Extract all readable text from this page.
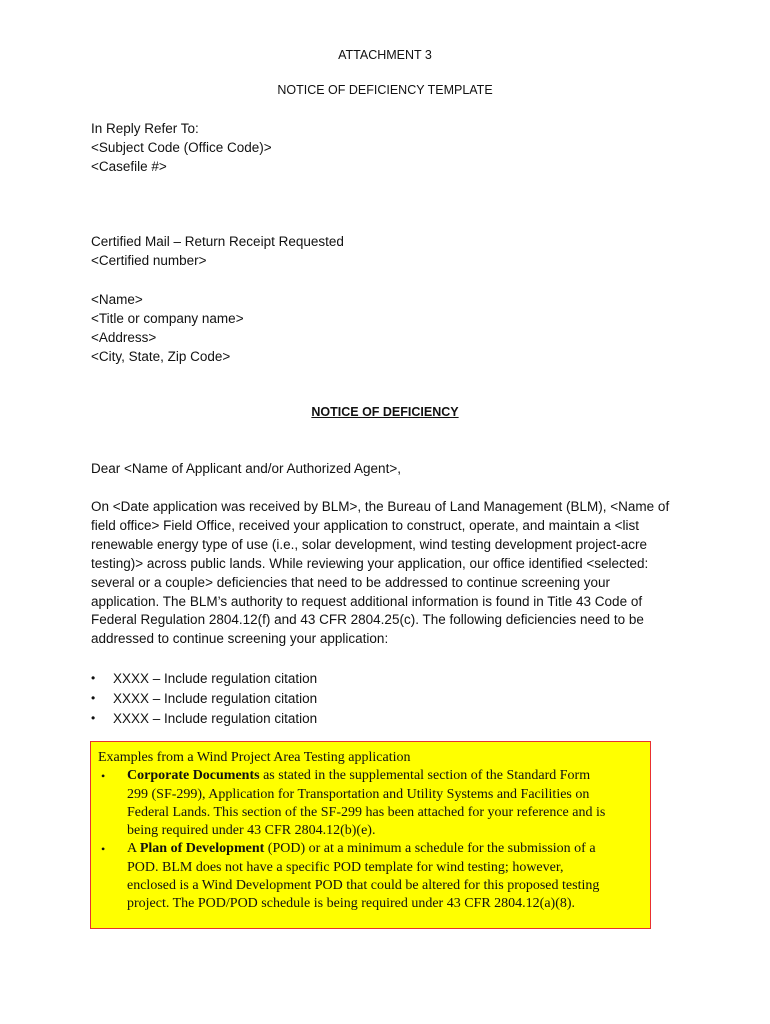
ATTACHMENT 3
NOTICE OF DEFICIENCY TEMPLATE
In Reply Refer To:
<Subject Code (Office Code)>
<Casefile #>
Certified Mail – Return Receipt Requested
<Certified number>
<Name>
<Title or company name>
<Address>
<City, State, Zip Code>
NOTICE OF DEFICIENCY
Dear <Name of Applicant and/or Authorized Agent>,
On <Date application was received by BLM>, the Bureau of Land Management (BLM), <Name of
field office> Field Office, received your application to construct, operate, and maintain a <list
renewable energy type of use (i.e., solar development, wind testing development project-acre
testing)> across public lands. While reviewing your application, our office identified <selected:
several or a couple> deficiencies that need to be addressed to continue screening your
application. The BLM’s authority to request additional information is found in Title 43 Code of
Federal Regulation 2804.12(f) and 43 CFR 2804.25(c). The following deficiencies need to be
addressed to continue screening your application:
•	XXXX – Include regulation citation
•	XXXX – Include regulation citation
•	XXXX – Include regulation citation
Examples from a Wind Project Area Testing application
•	Corporate Documents as stated in the supplemental section of the Standard Form
299 (SF-299), Application for Transportation and Utility Systems and Facilities on
Federal Lands. This section of the SF-299 has been attached for your reference and is
being required under 43 CFR 2804.12(b)(e).
•	A Plan of Development (POD) or at a minimum a schedule for the submission of a
POD. BLM does not have a specific POD template for wind testing; however,
enclosed is a Wind Development POD that could be altered for this proposed testing
project. The POD/POD schedule is being required under 43 CFR 2804.12(a)(8).
